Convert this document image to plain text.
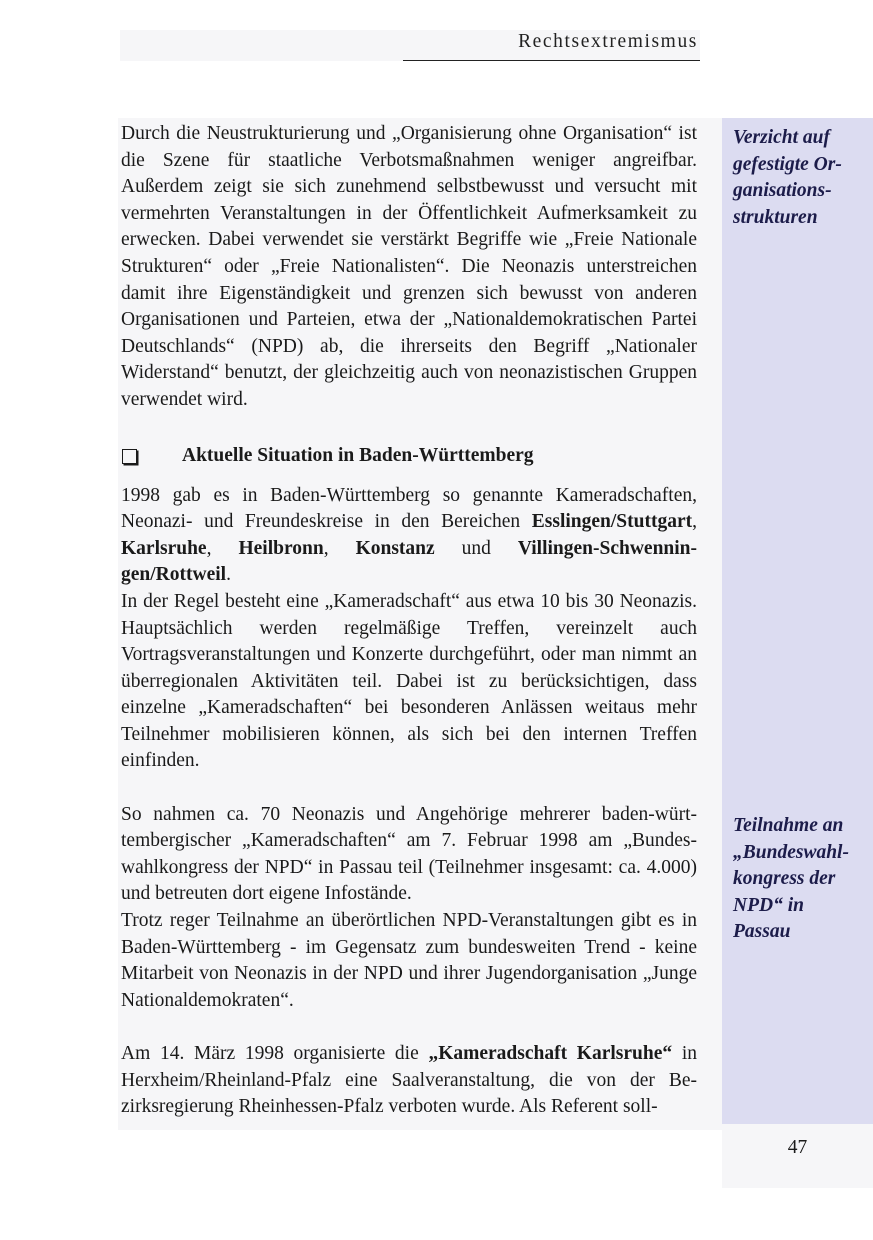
Rechtsextremismus
47
Verzicht auf
gefestigte Or-
ganisations-
strukturen
Teilnahme an
„Bundeswahl-
kongress der
NPD“ in
Passau

Durch die Neustrukturierung und „Organisierung ohne Organisation“ ist die Szene für staatliche Verbotsmaßnahmen weniger angreifbar. Außerdem zeigt sie sich zunehmend selbstbewusst und versucht mit vermehrten Veranstaltungen in der Öffentlichkeit Aufmerksamkeit zu erwecken. Dabei verwendet sie verstärkt Begriffe wie „Freie Nationale Strukturen“ oder „Freie Nationalisten“. Die Neonazis unterstreichen damit ihre Eigenständigkeit und grenzen sich bewusst von anderen Organisationen und Parteien, etwa der „Nationaldemokratischen Partei Deutschlands“ (NPD) ab, die ihrerseits den Begriff „Nationaler Widerstand“ benutzt, der gleichzeitig auch von neonazistischen Gruppen verwendet wird.

Aktuelle Situation in Baden-Württemberg

1998 gab es in Baden-Württemberg so genannte Kameradschaften, Neonazi- und Freundeskreise in den Bereichen Esslingen/Stuttgart, Karlsruhe, Heilbronn, Konstanz und Villingen-Schwenningen/Rottweil.

In der Regel besteht eine „Kameradschaft“ aus etwa 10 bis 30 Neonazis. Hauptsächlich werden regelmäßige Treffen, vereinzelt auch Vortragsveranstaltungen und Konzerte durchgeführt, oder man nimmt an überregionalen Aktivitäten teil. Dabei ist zu berücksichtigen, dass einzelne „Kameradschaften“ bei besonderen Anlässen weitaus mehr Teilnehmer mobilisieren können, als sich bei den internen Treffen einfinden.

So nahmen ca. 70 Neonazis und Angehörige mehrerer baden-württembergischer „Kameradschaften“ am 7. Februar 1998 am „Bundeswahlkongress der NPD“ in Passau teil (Teilnehmer insgesamt: ca. 4.000) und betreuten dort eigene Infostände.

Trotz reger Teilnahme an überörtlichen NPD-Veranstaltungen gibt es in Baden-Württemberg - im Gegensatz zum bundesweiten Trend - keine Mitarbeit von Neonazis in der NPD und ihrer Jugendorganisation „Junge Nationaldemokraten“.

Am 14. März 1998 organisierte die „Kameradschaft Karlsruhe“ in Herxheim/Rheinland-Pfalz eine Saalveranstaltung, die von der Bezirksregierung Rheinhessen-Pfalz verboten wurde. Als Referent soll-
